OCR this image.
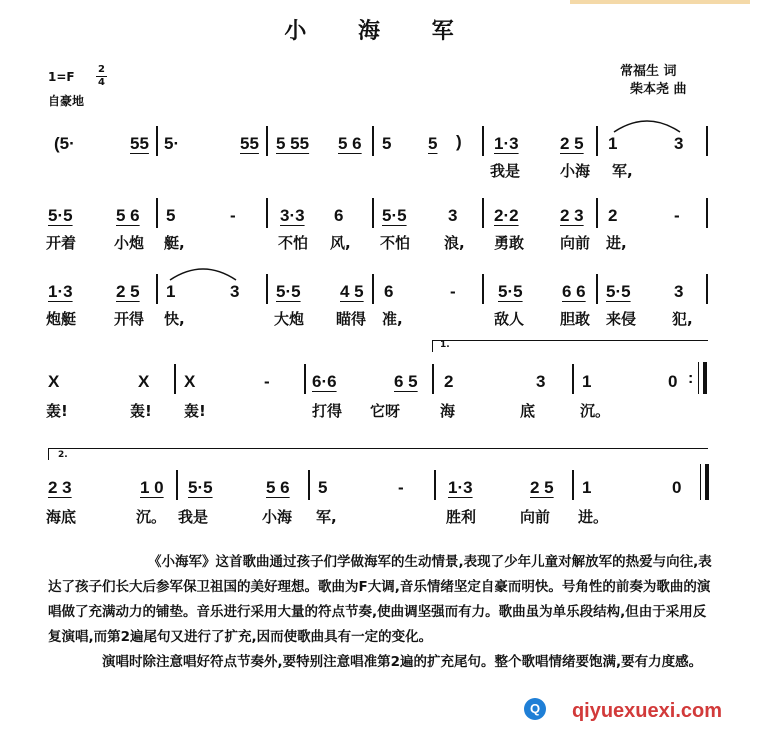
小 海 军
1=F
2
4
自豪地
常福生 词
柴本尧 曲
(5·	55 5·	55 5 55 5 6 5 5 ) 1·3 2 5 1	3
我是	小海 军,
5·5	5 6 5	-	3·3 6 5·5 3 2·2 2 3 2	-
开着	小炮 艇,	不怕 风, 不怕 浪, 勇敢 向前 进,
1·3	2 5 1	3 5·5 4 5 6	- 5·5 6 6 5·5	3
炮艇	开得 快,	大炮 瞄得 准,	敌人 胆敢 来侵 犯,
1.
X	X X	- 6·6	6 5 2	3 1	0 :
轰!	轰! 轰!	打得 它呀	海	底	沉。
2.
2 3	1 0 5·5	5 6 5	-	1·3	2 5 1	0
海底	沉。 我是	小海 军,	胜利	向前 进。

《小海军》这首歌曲通过孩子们学做海军的生动情景,表现了少年儿童对解放军的热爱与向往,表达了孩子们长大后参军保卫祖国的美好理想。歌曲为F大调,音乐情绪坚定自豪而明快。号角性的前奏为歌曲的演唱做了充满动力的铺垫。音乐进行采用大量的符点节奏,使曲调坚强而有力。歌曲虽为单乐段结构,但由于采用反复演唱,而第2遍尾句又进行了扩充,因而使歌曲具有一定的变化。

演唱时除注意唱好符点节奏外,要特别注意唱准第2遍的扩充尾句。整个歌唱情绪要饱满,要有力度感。

Q qiyuexuexi.com
